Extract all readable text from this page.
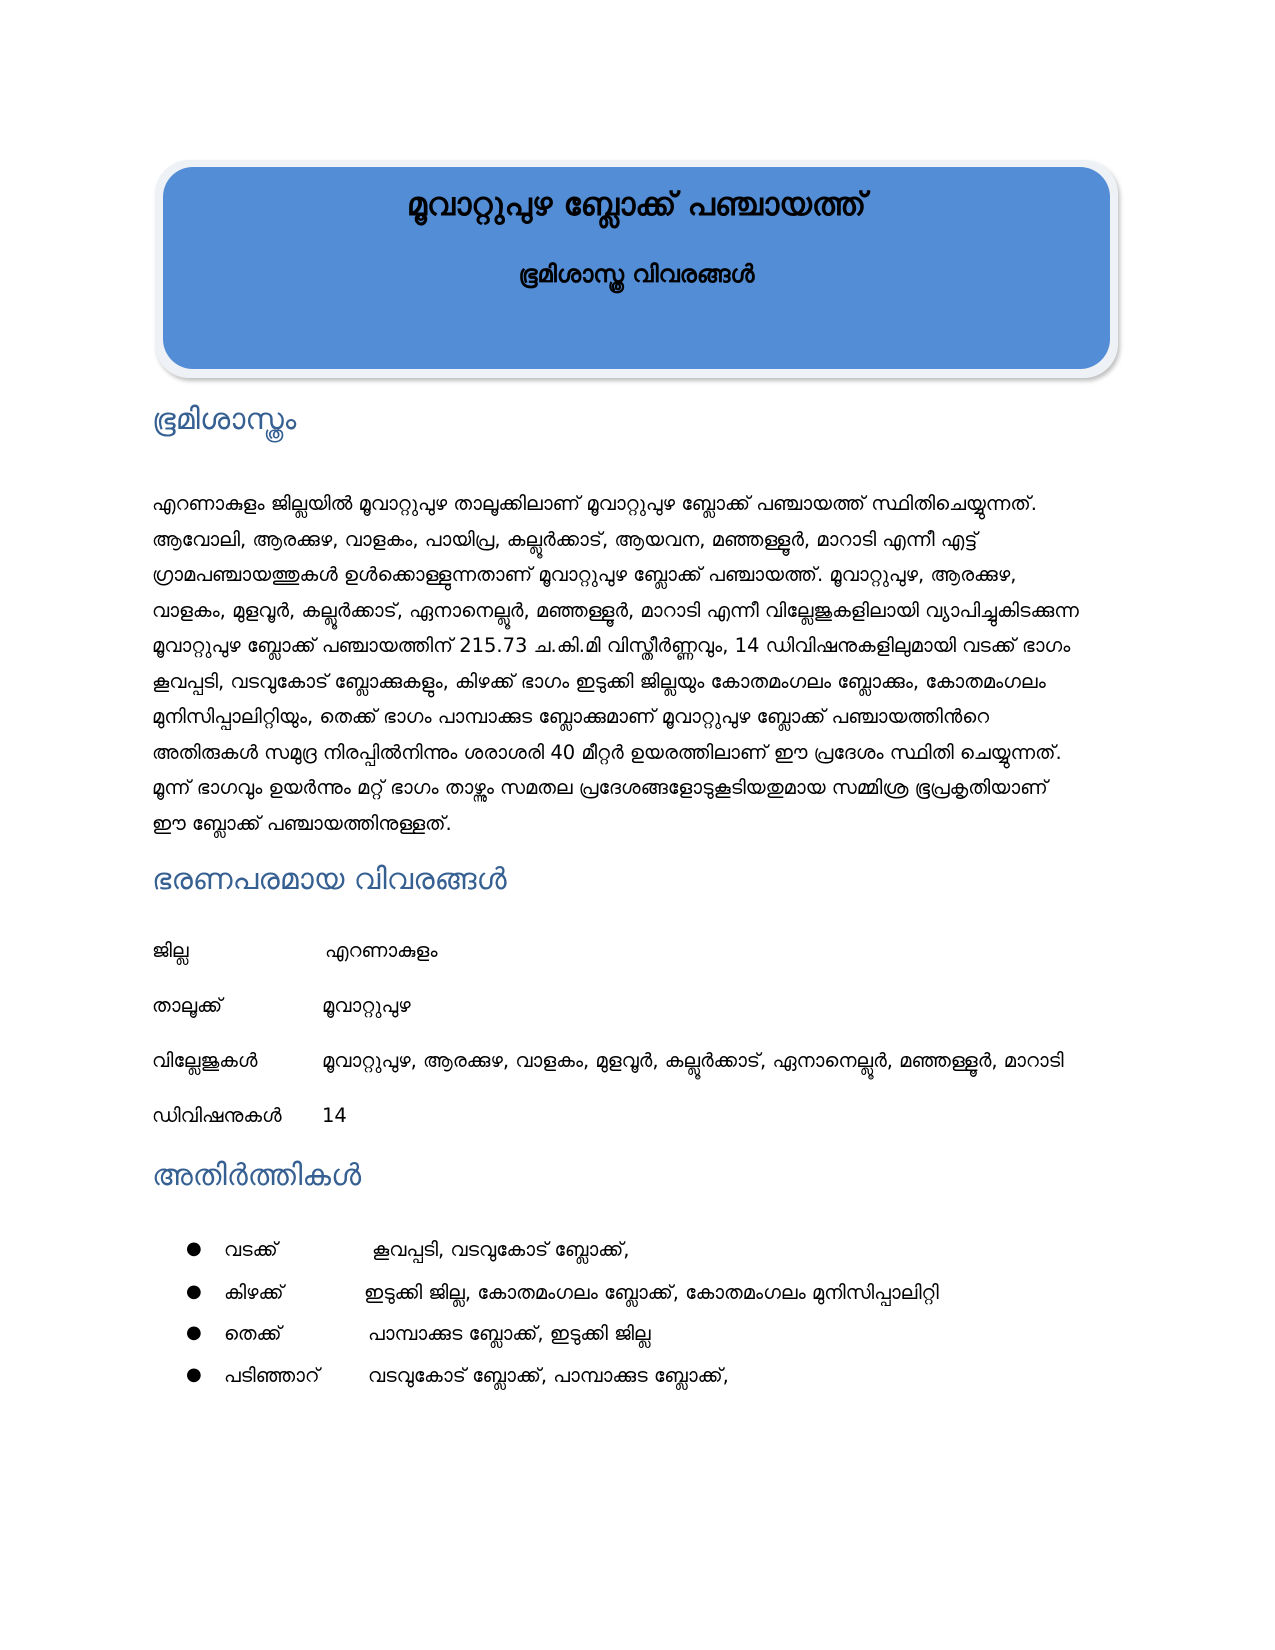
മൂവാറ്റുപുഴ ബ്ലോക്ക് പഞ്ചായത്ത്
ഭൂമിശാസ്ത്ര വിവരങ്ങൾ
ഭൂമിശാസ്ത്രം
എറണാകുളം ജില്ലയിൽ മൂവാറ്റുപുഴ താലൂക്കിലാണ് മൂവാറ്റുപുഴ ബ്ലോക്ക് പഞ്ചായത്ത് സ്ഥിതിചെയ്യുന്നത്.
ആവോലി, ആരക്കുഴ, വാളകം, പായിപ്ര, കല്ലൂർക്കാട്, ആയവന, മഞ്ഞള്ളൂർ, മാറാടി എന്നീ എട്ട്
ഗ്രാമപഞ്ചായത്തുകൾ ഉൾക്കൊള്ളുന്നതാണ് മൂവാറ്റുപുഴ ബ്ലോക്ക് പഞ്ചായത്ത്. മൂവാറ്റുപുഴ, ആരക്കുഴ,
വാളകം, മുളവൂർ, കല്ലൂർക്കാട്, ഏനാനെല്ലൂർ, മഞ്ഞള്ളൂർ, മാറാടി എന്നീ വില്ലേജുകളിലായി വ്യാപിച്ചുകിടക്കുന്ന
മൂവാറ്റുപുഴ ബ്ലോക്ക് പഞ്ചായത്തിന് 215.73 ച.കി.മി വിസ്തീർണ്ണവും, 14 ഡിവിഷനുകളിലുമായി വടക്ക് ഭാഗം
കൂവപ്പടി, വടവുകോട് ബ്ലോക്കുകളും, കിഴക്ക് ഭാഗം ഇടുക്കി ജില്ലയും കോതമംഗലം ബ്ലോക്കും, കോതമംഗലം
മുനിസിപ്പാലിറ്റിയും, തെക്ക് ഭാഗം പാമ്പാക്കുട ബ്ലോക്കുമാണ് മൂവാറ്റുപുഴ ബ്ലോക്ക് പഞ്ചായത്തിൻറെ
അതിരുകൾ സമുദ്ര നിരപ്പിൽനിന്നും ശരാശരി 40 മീറ്റർ ഉയരത്തിലാണ് ഈ പ്രദേശം സ്ഥിതി ചെയ്യുന്നത്.
മൂന്ന് ഭാഗവും ഉയർന്നും മറ്റ് ഭാഗം താഴ്ന്നും സമതല പ്രദേശങ്ങളോടുകൂടിയതുമായ സമ്മിശ്ര ഭൂപ്രകൃതിയാണ്
ഈ ബ്ലോക്ക് പഞ്ചായത്തിനുള്ളത്.
ഭരണപരമായ വിവരങ്ങൾ
ജില്ല	എറണാകുളം
താലൂക്ക്	മൂവാറ്റുപുഴ
വില്ലേജുകൾ	മൂവാറ്റുപുഴ, ആരക്കുഴ, വാളകം, മുളവൂർ, കല്ലൂർക്കാട്, ഏനാനെല്ലൂർ, മഞ്ഞള്ളൂർ, മാറാടി
ഡിവിഷനുകൾ 14
അതിർത്തികൾ
● വടക്ക്	കൂവപ്പടി, വടവുകോട് ബ്ലോക്ക്,
● കിഴക്ക്	ഇടുക്കി ജില്ല, കോതമംഗലം ബ്ലോക്ക്, കോതമംഗലം മുനിസിപ്പാലിറ്റി
● തെക്ക്	പാമ്പാക്കുട ബ്ലോക്ക്, ഇടുക്കി ജില്ല
● പടിഞ്ഞാറ് വടവുകോട് ബ്ലോക്ക്, പാമ്പാക്കുട ബ്ലോക്ക്,
